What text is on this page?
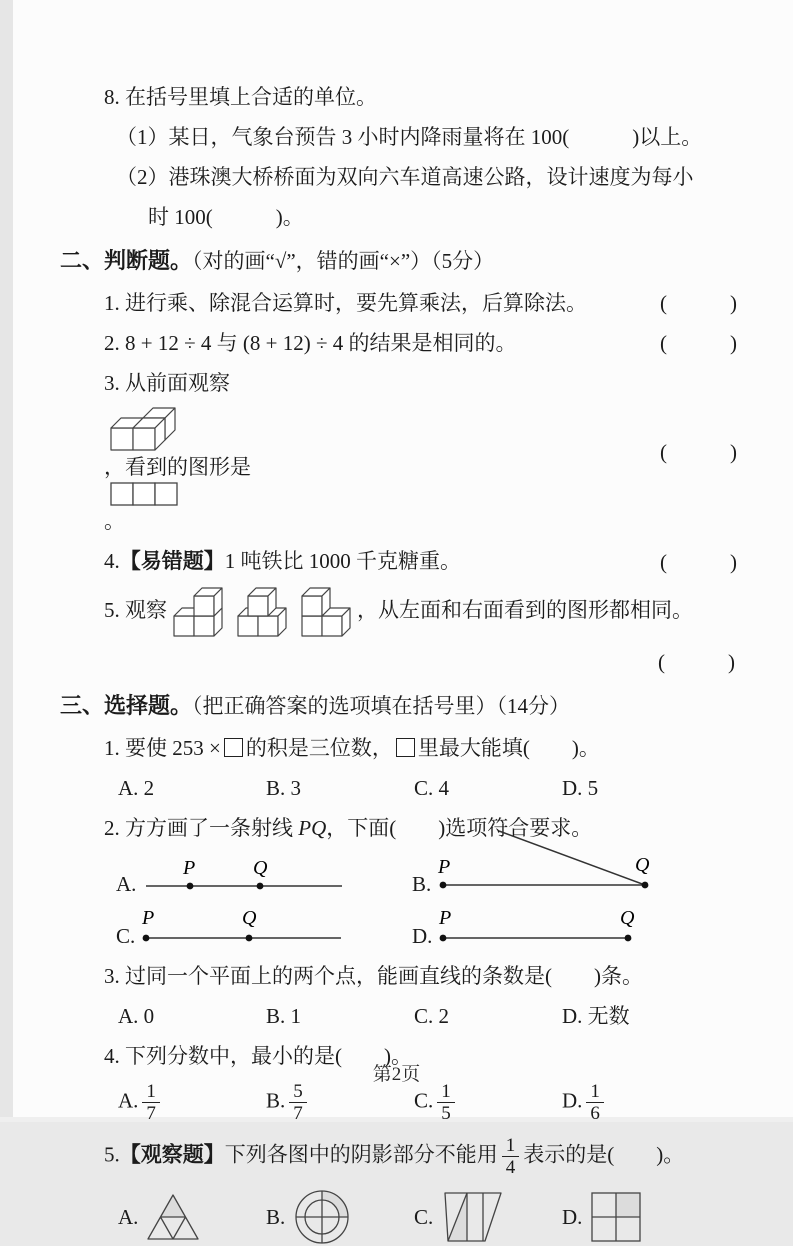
8. 在括号里填上合适的单位。

（1）某日，气象台预告 3 小时内降雨量将在 100(　　　)以上。

（2）港珠澳大桥桥面为双向六车道高速公路，设计速度为每小

时 100(　　　)。

二、判断题。（对的画“√”，错的画“×”）（5分）

1. 进行乘、除混合运算时，要先算乘法，后算除法。	(　　　)
2. 8 + 12 ÷ 4 与 (8 + 12) ÷ 4 的结果是相同的。	(　　　)
3. 从前面观察
，看到的图形是
。
(　　　)
4.【易错题】1 吨铁比 1000 千克糖重。	(　　　)
5. 观察	，从左面和右面看到的图形都相同。

(　　　)

三、选择题。（把正确答案的选项填在括号里）（14分）

1. 要使 253 × 的积是三位数， 里最大能填(　　)。

A. 2	B. 3	C. 4	D. 5

2. 方方画了一条射线 PQ，下面(　　)选项符合要求。

A.
P	Q
B.
P	Q
C.
P	Q
D.
P	Q

3. 过同一个平面上的两个点，能画直线的条数是(　　)条。

A. 0	B. 1	C. 2	D. 无数

4. 下列分数中，最小的是(　　)。

A. $\frac{1}{7}$	B. $\frac{5}{7}$	C. $\frac{1}{5}$	D. $\frac{1}{6}$

5.【观察题】下列各图中的阴影部分不能用 $\frac{1}{4}$ 表示的是(　　)。

A.	B.	C.	D.
第2页
